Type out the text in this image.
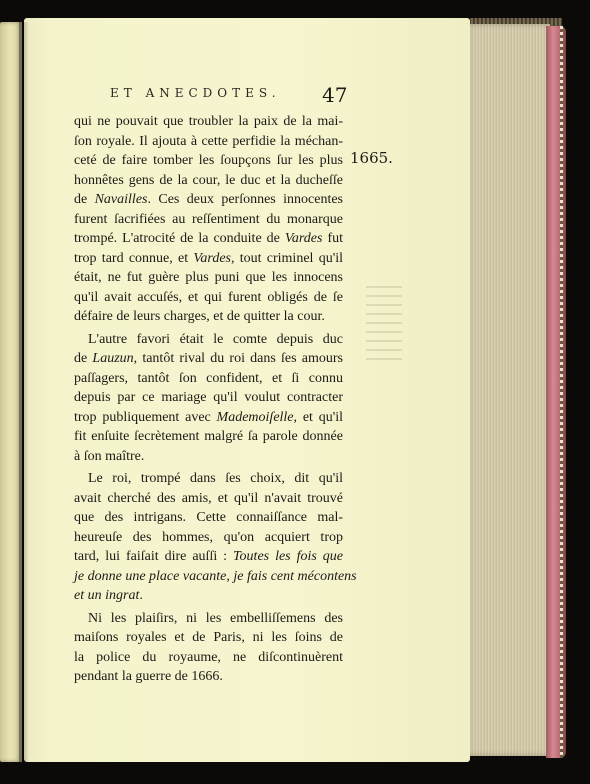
ET ANECDOTES.	47
1665.
qui ne pouvait que troubler la paix de la mai-
ſon royale. Il ajouta à cette perfidie la méchan-
ceté de faire tomber les ſoupçons ſur les plus
honnêtes gens de la cour, le duc et la ducheſſe
de Navailles. Ces deux perſonnes innocentes
furent ſacrifiées au reſſentiment du monarque
trompé. L'atrocité de la conduite de Vardes fut
trop tard connue, et Vardes, tout criminel qu'il
était, ne fut guère plus puni que les innocens
qu'il avait accuſés, et qui furent obligés de ſe
défaire de leurs charges, et de quitter la cour.
L'autre favori était le comte depuis duc
de Lauzun, tantôt rival du roi dans ſes amours
paſſagers, tantôt ſon confident, et ſi connu
depuis par ce mariage qu'il voulut contracter
trop publiquement avec Mademoiſelle, et qu'il
fit enſuite ſecrètement malgré ſa parole donnée
à ſon maître.
Le roi, trompé dans ſes choix, dit qu'il
avait cherché des amis, et qu'il n'avait trouvé
que des intrigans. Cette connaiſſance mal-
heureuſe des hommes, qu'on acquiert trop
tard, lui faiſait dire auſſi : Toutes les fois que
je donne une place vacante, je fais cent mécontens
et un ingrat.
Ni les plaiſirs, ni les embelliſſemens des
maiſons royales et de Paris, ni les ſoins de
la police du royaume, ne diſcontinuèrent
pendant la guerre de 1666.
